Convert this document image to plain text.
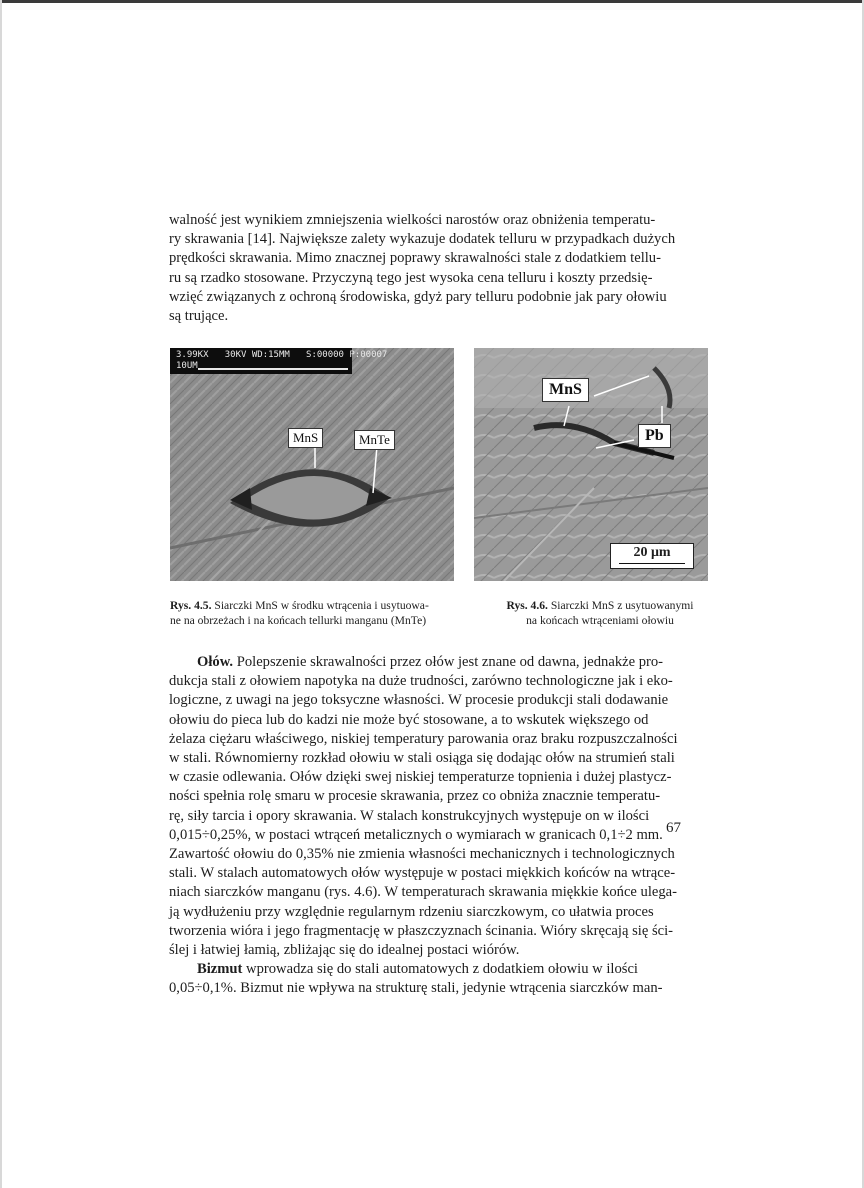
walność jest wynikiem zmniejszenia wielkości narostów oraz obniżenia temperatu-

ry skrawania [14]. Największe zalety wykazuje dodatek telluru w przypadkach dużych

prędkości skrawania. Mimo znacznej poprawy skrawalności stale z dodatkiem tellu-

ru są rzadko stosowane. Przyczyną tego jest wysoka cena telluru i koszty przedsię-

wzięć związanych z ochroną środowiska, gdyż pary telluru podobnie jak pary ołowiu

są trujące.

3.99KX   30KV WD:15MM   S:00000 P:00007
10UM
MnS	MnTe
MnS
Pb
20 μm
Rys. 4.5. Siarczki MnS w środku wtrącenia i usytuowa-
ne na obrzeżach i na końcach tellurki manganu (MnTe)
Rys. 4.6. Siarczki MnS z usytuowanymi
na końcach wtrąceniami ołowiu

Ołów. Polepszenie skrawalności przez ołów jest znane od dawna, jednakże pro-

dukcja stali z ołowiem napotyka na duże trudności, zarówno technologiczne jak i eko-

logiczne, z uwagi na jego toksyczne własności. W procesie produkcji stali dodawanie

ołowiu do pieca lub do kadzi nie może być stosowane, a to wskutek większego od

żelaza ciężaru właściwego, niskiej temperatury parowania oraz braku rozpuszczalności

w stali. Równomierny rozkład ołowiu w stali osiąga się dodając ołów na strumień stali

w czasie odlewania. Ołów dzięki swej niskiej temperaturze topnienia i dużej plastycz-

ności spełnia rolę smaru w procesie skrawania, przez co obniża znacznie temperatu-

rę, siły tarcia i opory skrawania. W stalach konstrukcyjnych występuje on w ilości

0,015÷0,25%, w postaci wtrąceń metalicznych o wymiarach w granicach 0,1÷2 mm.

Zawartość ołowiu do 0,35% nie zmienia własności mechanicznych i technologicznych

stali. W stalach automatowych ołów występuje w postaci miękkich końców na wtrące-

niach siarczków manganu (rys. 4.6). W temperaturach skrawania miękkie końce ulega-

ją wydłużeniu przy względnie regularnym rdzeniu siarczkowym, co ułatwia proces

tworzenia wióra i jego fragmentację w płaszczyznach ścinania. Wióry skręcają się ści-

ślej i łatwiej łamią, zbliżając się do idealnej postaci wiórów.

Bizmut wprowadza się do stali automatowych z dodatkiem ołowiu w ilości

0,05÷0,1%. Bizmut nie wpływa na strukturę stali, jedynie wtrącenia siarczków man-

67
